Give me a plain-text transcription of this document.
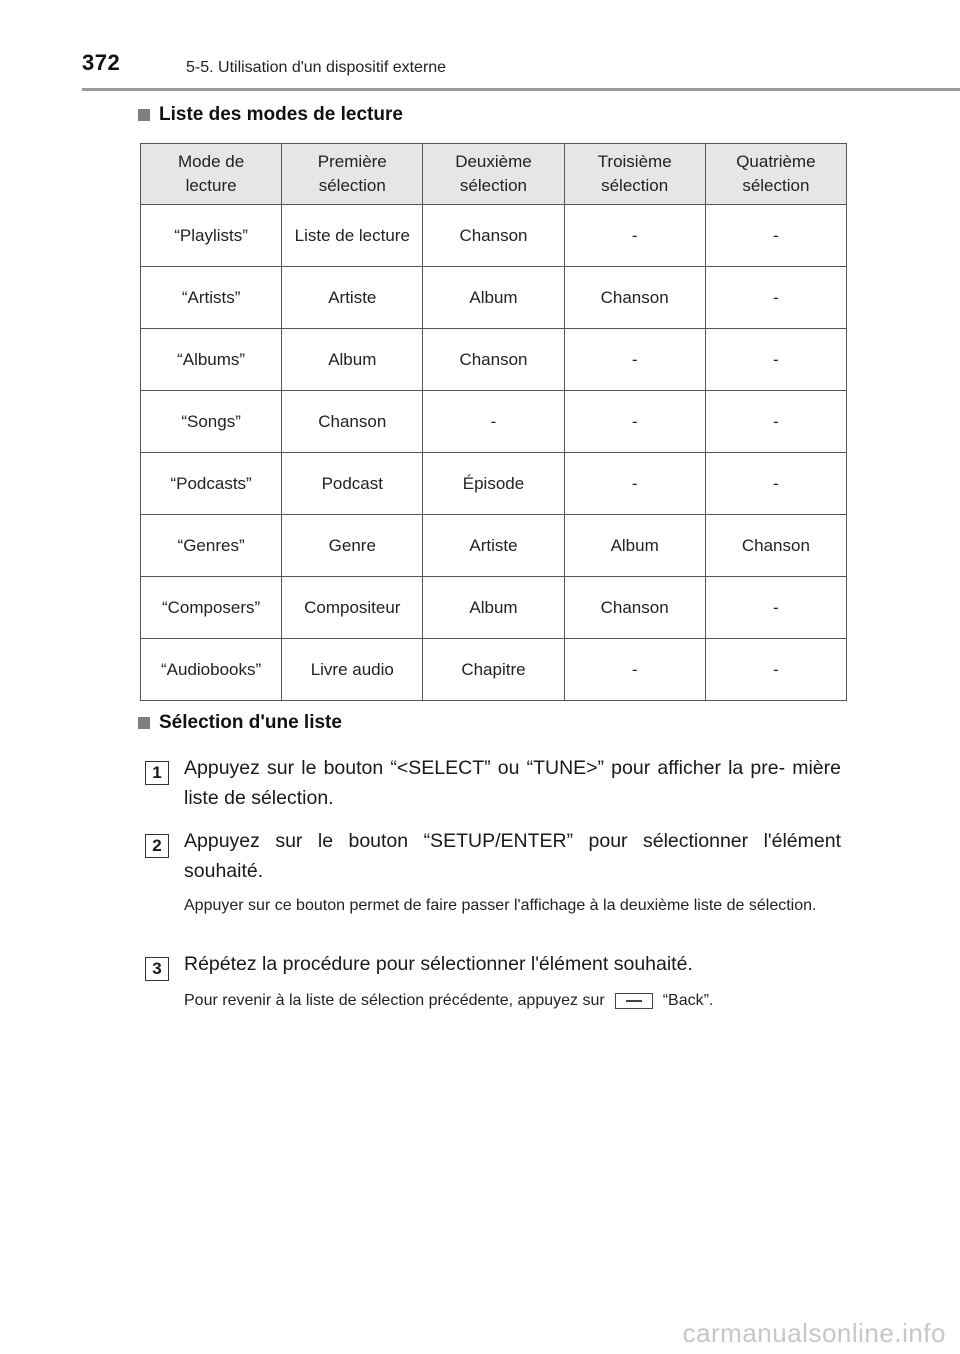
372	5-5. Utilisation d'un dispositif externe
Liste des modes de lecture
Mode de
lecture	Première
sélection	Deuxième
sélection	Troisième
sélection	Quatrième
sélection
“Playlists”	Liste de lecture	Chanson	-	-
“Artists”	Artiste	Album	Chanson	-
“Albums”	Album	Chanson	-	-
“Songs”	Chanson	-	-	-
“Podcasts”	Podcast	Épisode	-	-
“Genres”	Genre	Artiste	Album	Chanson
“Composers”	Compositeur	Album	Chanson	-
“Audiobooks”	Livre audio	Chapitre	-	-
Sélection d'une liste
1	Appuyez sur le bouton “<SELECT” ou “TUNE>” pour afficher la pre- mière liste de sélection.
2	Appuyez sur le bouton “SETUP/ENTER” pour sélectionner l'élément souhaité.
Appuyer sur ce bouton permet de faire passer l'affichage à la deuxième liste de sélection.
3	Répétez la procédure pour sélectionner l'élément souhaité.
Pour revenir à la liste de sélection précédente, appuyez sur	“Back”.
carmanualsonline.info
